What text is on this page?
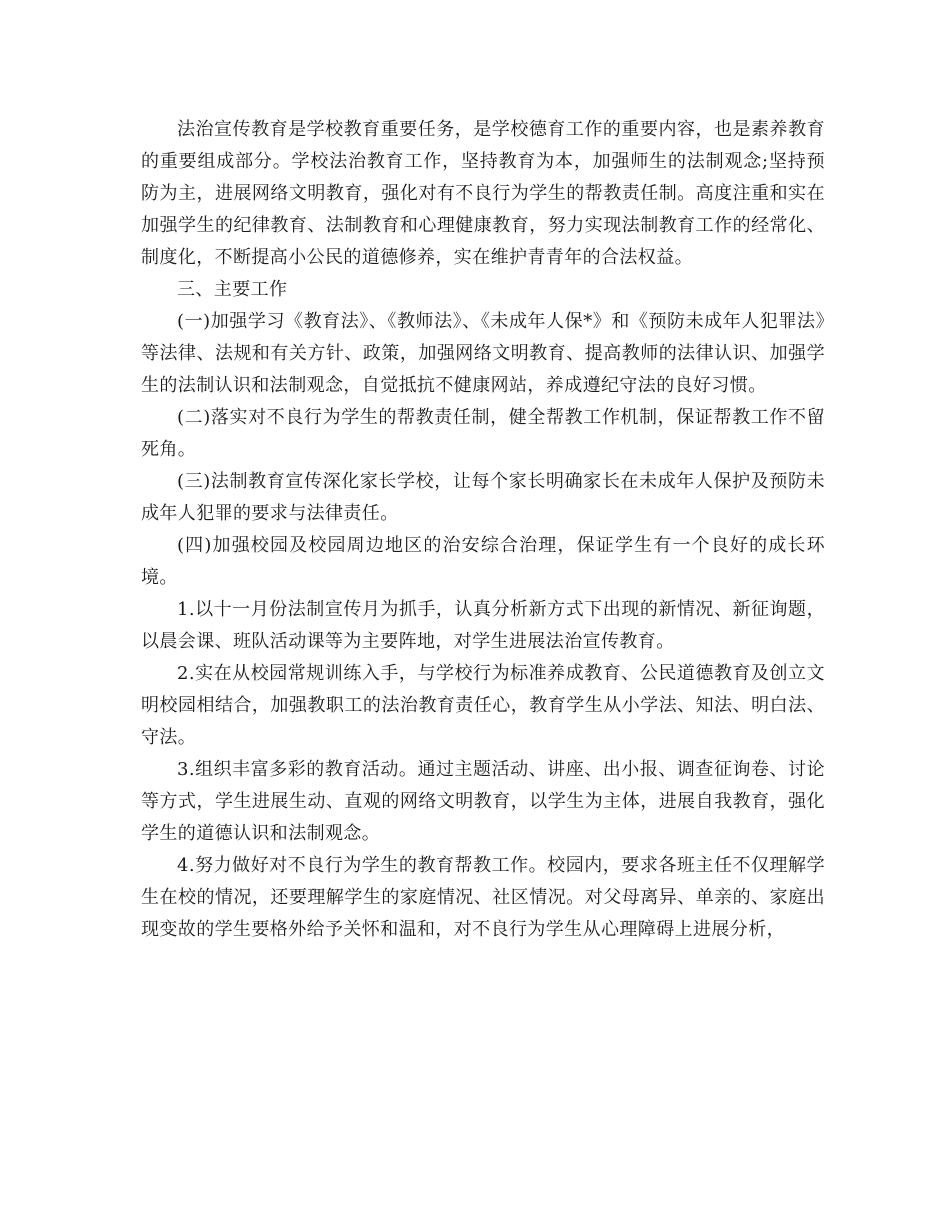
法治宣传教育是学校教育重要任务，是学校德育工作的重要内容，也是素养教育的重要组成部分。学校法治教育工作，坚持教育为本，加强师生的法制观念;坚持预防为主，进展网络文明教育，强化对有不良行为学生的帮教责任制。高度注重和实在加强学生的纪律教育、法制教育和心理健康教育，努力实现法制教育工作的经常化、制度化，不断提高小公民的道德修养，实在维护青青年的合法权益。

三、主要工作

(一)加强学习《教育法》、《教师法》、《未成年人保*》和《预防未成年人犯罪法》等法律、法规和有关方针、政策，加强网络文明教育、提高教师的法律认识、加强学生的法制认识和法制观念，自觉抵抗不健康网站，养成遵纪守法的良好习惯。

(二)落实对不良行为学生的帮教责任制，健全帮教工作机制，保证帮教工作不留死角。

(三)法制教育宣传深化家长学校，让每个家长明确家长在未成年人保护及预防未成年人犯罪的要求与法律责任。

(四)加强校园及校园周边地区的治安综合治理，保证学生有一个良好的成长环境。

1.以十一月份法制宣传月为抓手，认真分析新方式下出现的新情况、新征询题，以晨会课、班队活动课等为主要阵地，对学生进展法治宣传教育。

2.实在从校园常规训练入手，与学校行为标准养成教育、公民道德教育及创立文明校园相结合，加强教职工的法治教育责任心，教育学生从小学法、知法、明白法、守法。

3.组织丰富多彩的教育活动。通过主题活动、讲座、出小报、调查征询卷、讨论等方式，学生进展生动、直观的网络文明教育，以学生为主体，进展自我教育，强化学生的道德认识和法制观念。

4.努力做好对不良行为学生的教育帮教工作。校园内，要求各班主任不仅理解学生在校的情况，还要理解学生的家庭情况、社区情况。对父母离异、单亲的、家庭出现变故的学生要格外给予关怀和温和，对不良行为学生从心理障碍上进展分析，
